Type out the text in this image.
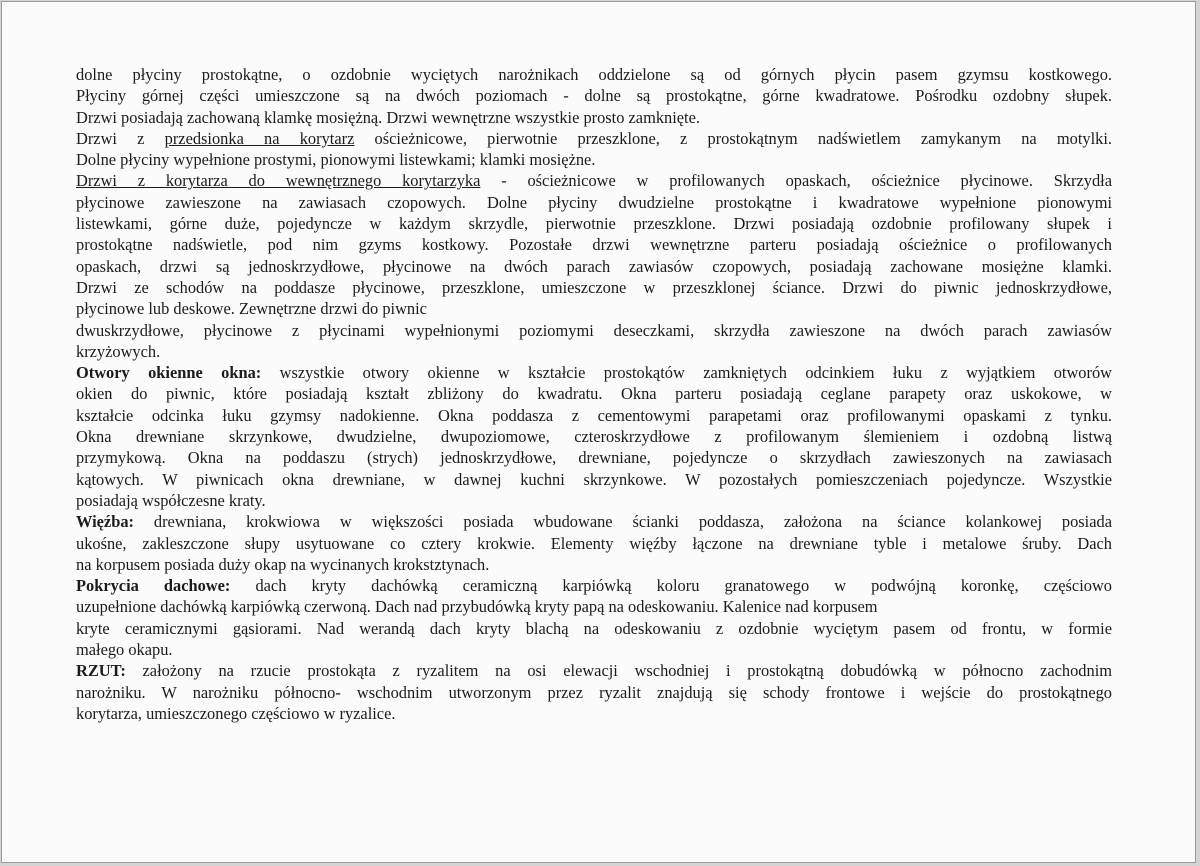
dolne płyciny prostokątne, o ozdobnie wyciętych narożnikach oddzielone są od górnych płycin pasem gzymsu kostkowego.
Płyciny górnej części umieszczone są na dwóch poziomach - dolne są prostokątne, górne kwadratowe. Pośrodku ozdobny słupek.
Drzwi posiadają zachowaną klamkę mosiężną. Drzwi wewnętrzne wszystkie prosto zamknięte.
Drzwi z przedsionka na korytarz ościeżnicowe, pierwotnie przeszklone, z prostokątnym nadświetlem zamykanym na motylki.
Dolne płyciny wypełnione prostymi, pionowymi listewkami; klamki mosiężne.
Drzwi z korytarza do wewnętrznego korytarzyka - ościeżnicowe w profilowanych opaskach, ościeżnice płycinowe. Skrzydła
płycinowe zawieszone na zawiasach czopowych. Dolne płyciny dwudzielne prostokątne i kwadratowe wypełnione pionowymi
listewkami, górne duże, pojedyncze w każdym skrzydle, pierwotnie przeszklone. Drzwi posiadają ozdobnie profilowany słupek i
prostokątne nadświetle, pod nim gzyms kostkowy. Pozostałe drzwi wewnętrzne parteru posiadają ościeżnice o profilowanych
opaskach, drzwi są jednoskrzydłowe, płycinowe na dwóch parach zawiasów czopowych, posiadają zachowane mosiężne klamki.
Drzwi ze schodów na poddasze płycinowe, przeszklone, umieszczone w przeszklonej ściance. Drzwi do piwnic jednoskrzydłowe,
płycinowe lub deskowe. Zewnętrzne drzwi do piwnic
dwuskrzydłowe, płycinowe z płycinami wypełnionymi poziomymi deseczkami, skrzydła zawieszone na dwóch parach zawiasów
krzyżowych.
Otwory okienne okna: wszystkie otwory okienne w kształcie prostokątów zamkniętych odcinkiem łuku z wyjątkiem otworów
okien do piwnic, które posiadają kształt zbliżony do kwadratu. Okna parteru posiadają ceglane parapety oraz uskokowe, w
kształcie odcinka łuku gzymsy nadokienne. Okna poddasza z cementowymi parapetami oraz profilowanymi opaskami z tynku.
Okna drewniane skrzynkowe, dwudzielne, dwupoziomowe, czteroskrzydłowe z profilowanym ślemieniem i ozdobną listwą
przymykową. Okna na poddaszu (strych) jednoskrzydłowe, drewniane, pojedyncze o skrzydłach zawieszonych na zawiasach
kątowych. W piwnicach okna drewniane, w dawnej kuchni skrzynkowe. W pozostałych pomieszczeniach pojedyncze. Wszystkie
posiadają współczesne kraty.
Więźba: drewniana, krokwiowa w większości posiada wbudowane ścianki poddasza, założona na ściance kolankowej posiada
ukośne, zakleszczone słupy usytuowane co cztery krokwie. Elementy więźby łączone na drewniane tyble i metalowe śruby. Dach
na korpusem posiada duży okap na wycinanych krokstztynach.
Pokrycia dachowe: dach kryty dachówką ceramiczną karpiówką koloru granatowego w podwójną koronkę, częściowo
uzupełnione dachówką karpiówką czerwoną. Dach nad przybudówką kryty papą na odeskowaniu. Kalenice nad korpusem
kryte ceramicznymi gąsiorami. Nad werandą dach kryty blachą na odeskowaniu z ozdobnie wyciętym pasem od frontu, w formie
małego okapu.
RZUT: założony na rzucie prostokąta z ryzalitem na osi elewacji wschodniej i prostokątną dobudówką w północno zachodnim
narożniku. W narożniku północno- wschodnim utworzonym przez ryzalit znajdują się schody frontowe i wejście do prostokątnego
korytarza, umieszczonego częściowo w ryzalice.
